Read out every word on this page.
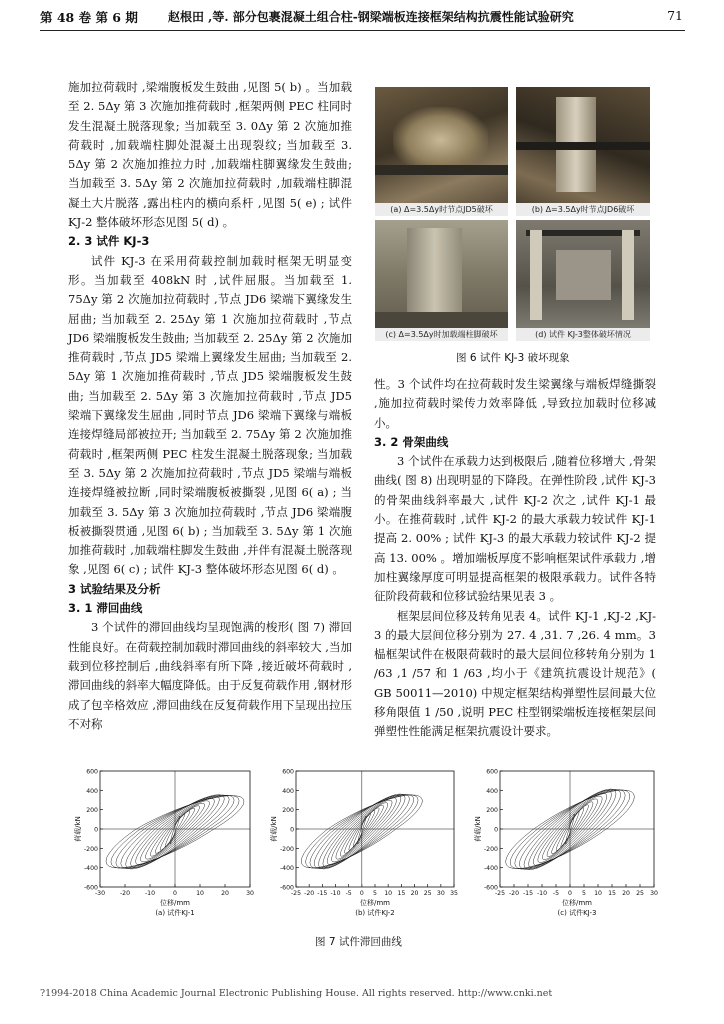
第 48 卷 第 6 期	赵根田 ,等. 部分包裹混凝土组合柱-钢梁端板连接框架结构抗震性能试验研究	71

施加拉荷载时 ,梁端腹板发生鼓曲 ,见图 5( b) 。当加载至 2. 5Δy 第 3 次施加推荷载时 ,框架两侧 PEC 柱同时发生混凝土脱落现象; 当加载至 3. 0Δy 第 2 次施加推荷载时 ,加载端柱脚处混凝土出现裂纹; 当加载至 3. 5Δy 第 2 次施加推拉力时 ,加载端柱脚翼缘发生鼓曲; 当加载至 3. 5Δy 第 2 次施加拉荷载时 ,加载端柱脚混凝土大片脱落 ,露出柱内的横向系杆 ,见图 5( e) ; 试件 KJ-2 整体破坏形态见图 5( d) 。

2. 3 试件 KJ-3

试件 KJ-3 在采用荷载控制加载时框架无明显变形。当加载至 408kN 时 ,试件屈服。当加载至 1. 75Δy 第 2 次施加拉荷载时 ,节点 JD6 梁端下翼缘发生屈曲; 当加载至 2. 25Δy 第 1 次施加拉荷载时 ,节点 JD6 梁端腹板发生鼓曲; 当加载至 2. 25Δy 第 2 次施加推荷载时 ,节点 JD5 梁端上翼缘发生屈曲; 当加载至 2. 5Δy 第 1 次施加推荷载时 ,节点 JD5 梁端腹板发生鼓曲; 当加载至 2. 5Δy 第 3 次施加拉荷载时 ,节点 JD5 梁端下翼缘发生屈曲 ,同时节点 JD6 梁端下翼缘与端板连接焊缝局部被拉开; 当加载至 2. 75Δy 第 2 次施加推荷载时 ,框架两侧 PEC 柱发生混凝土脱落现象; 当加载至 3. 5Δy 第 2 次施加拉荷载时 ,节点 JD5 梁端与端板连接焊缝被拉断 ,同时梁端腹板被撕裂 ,见图 6( a) ; 当加载至 3. 5Δy 第 3 次施加拉荷载时 ,节点 JD6 梁端腹板被撕裂贯通 ,见图 6( b) ; 当加载至 3. 5Δy 第 1 次施加推荷载时 ,加载端柱脚发生鼓曲 ,并伴有混凝土脱落现象 ,见图 6( c) ; 试件 KJ-3 整体破坏形态见图 6( d) 。

3 试验结果及分析

3. 1 滞回曲线

3 个试件的滞回曲线均呈现饱满的梭形( 图 7) 滞回性能良好。在荷载控制加载时滞回曲线的斜率较大 ,当加载到位移控制后 ,曲线斜率有所下降 ,接近破坏荷载时 ,滞回曲线的斜率大幅度降低。由于反复荷载作用 ,钢材形成了包辛格效应 ,滞回曲线在反复荷载作用下呈现出拉压不对称

(a) Δ=3.5Δy时节点JD5破坏	(b) Δ=3.5Δy时节点JD6破坏
(c) Δ=3.5Δy时加载端柱脚破坏	(d) 试件 KJ-3整体破坏情况
图 6 试件 KJ-3 破坏现象

性。3 个试件均在拉荷载时发生梁翼缘与端板焊缝撕裂 ,施加拉荷载时梁传力效率降低 ,导致拉加载时位移减小。

3. 2 骨架曲线

3 个试件在承载力达到极限后 ,随着位移增大 ,骨架曲线( 图 8) 出现明显的下降段。在弹性阶段 ,试件 KJ-3 的骨架曲线斜率最大 ,试件 KJ-2 次之 ,试件 KJ-1 最小。在推荷载时 ,试件 KJ-2 的最大承载力较试件 KJ-1 提高 2. 00% ; 试件 KJ-3 的最大承载力较试件 KJ-2 提高 13. 00% 。增加端板厚度不影响框架试件承载力 ,增加柱翼缘厚度可明显提高框架的极限承载力。试件各特征阶段荷载和位移试验结果见表 3 。

框架层间位移及转角见表 4。试件 KJ-1 ,KJ-2 ,KJ-3 的最大层间位移分别为 27. 4 ,31. 7 ,26. 4 mm。3 榀框架试件在极限荷载时的最大层间位移转角分别为 1 /63 ,1 /57 和 1 /63 ,均小于《建筑抗震设计规范》( GB 50011—2010) 中规定框架结构弹塑性层间最大位移角限值 1 /50 ,说明 PEC 柱型钢梁端板连接框架层间弹塑性性能满足框架抗震设计要求。

-600
-400
-200
0
200
400
600
-30 -20 -10	0	10	20	30
荷载/kN
位移/mm
(a) 试件KJ-1
-600
-400
-200
0
200
400
600
-25 -20 -15 -10 -5 0 5 10 15 20 25 30 35
荷载/kN
位移/mm
(b) 试件KJ-2
-600
-400
-200
0
200
400
600
-25 -20 -15 -10 -5 0 5 10 15 20 25 30
荷载/kN
位移/mm
(c) 试件KJ-3
图 7 试件滞回曲线
?1994-2018 China Academic Journal Electronic Publishing House. All rights reserved. http://www.cnki.net
